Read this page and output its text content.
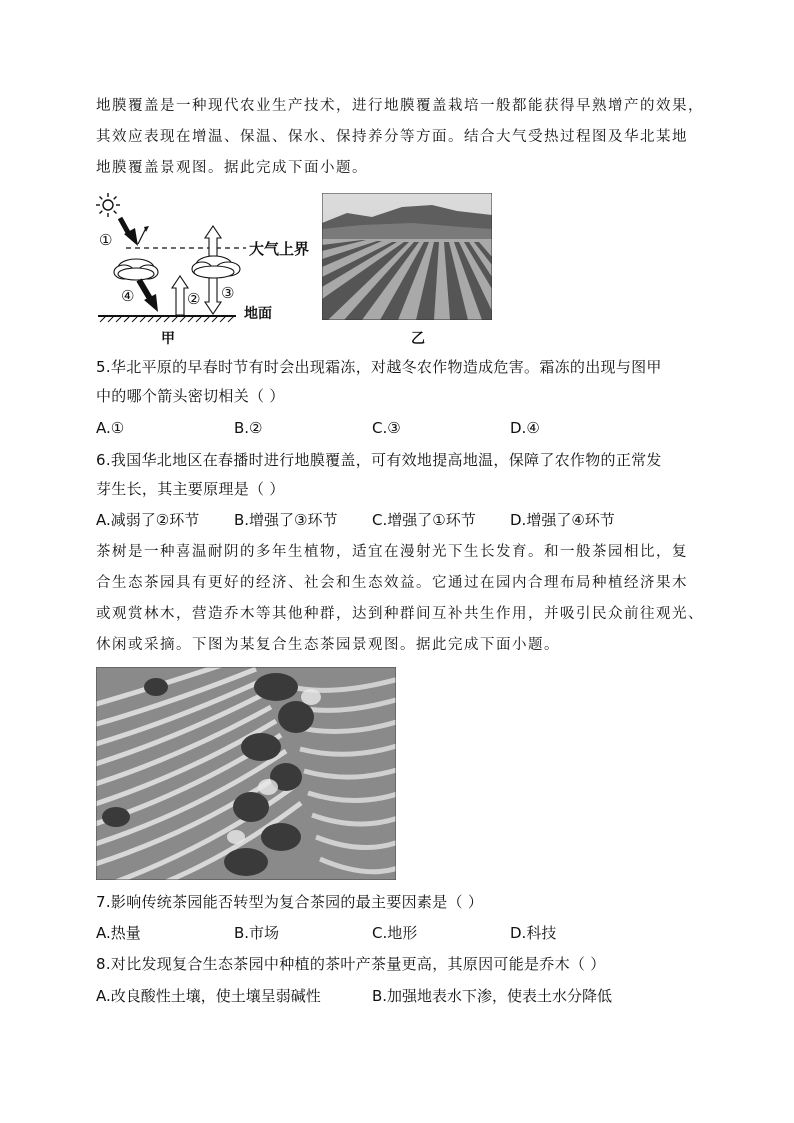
地膜覆盖是一种现代农业生产技术，进行地膜覆盖栽培一般都能获得早熟增产的效果，
其效应表现在增温、保温、保水、保持养分等方面。结合大气受热过程图及华北某地
地膜覆盖景观图。据此完成下面小题。
①
④	② ③
大气上界
地面
甲	乙
5.华北平原的早春时节有时会出现霜冻，对越冬农作物造成危害。霜冻的出现与图甲
中的哪个箭头密切相关（ ）
A.①	B.②	C.③	D.④
6.我国华北地区在春播时进行地膜覆盖，可有效地提高地温，保障了农作物的正常发
芽生长，其主要原理是（ ）
A.减弱了②环节 B.增强了③环节 C.增强了①环节 D.增强了④环节
茶树是一种喜温耐阴的多年生植物，适宜在漫射光下生长发育。和一般茶园相比，复
合生态茶园具有更好的经济、社会和生态效益。它通过在园内合理布局种植经济果木
或观赏林木，营造乔木等其他种群，达到种群间互补共生作用，并吸引民众前往观光、
休闲或采摘。下图为某复合生态茶园景观图。据此完成下面小题。
7.影响传统茶园能否转型为复合茶园的最主要因素是（ ）
A.热量	B.市场	C.地形	D.科技
8.对比发现复合生态茶园中种植的茶叶产茶量更高，其原因可能是乔木（ ）
A.改良酸性土壤，使土壤呈弱碱性	B.加强地表水下渗，使表土水分降低
